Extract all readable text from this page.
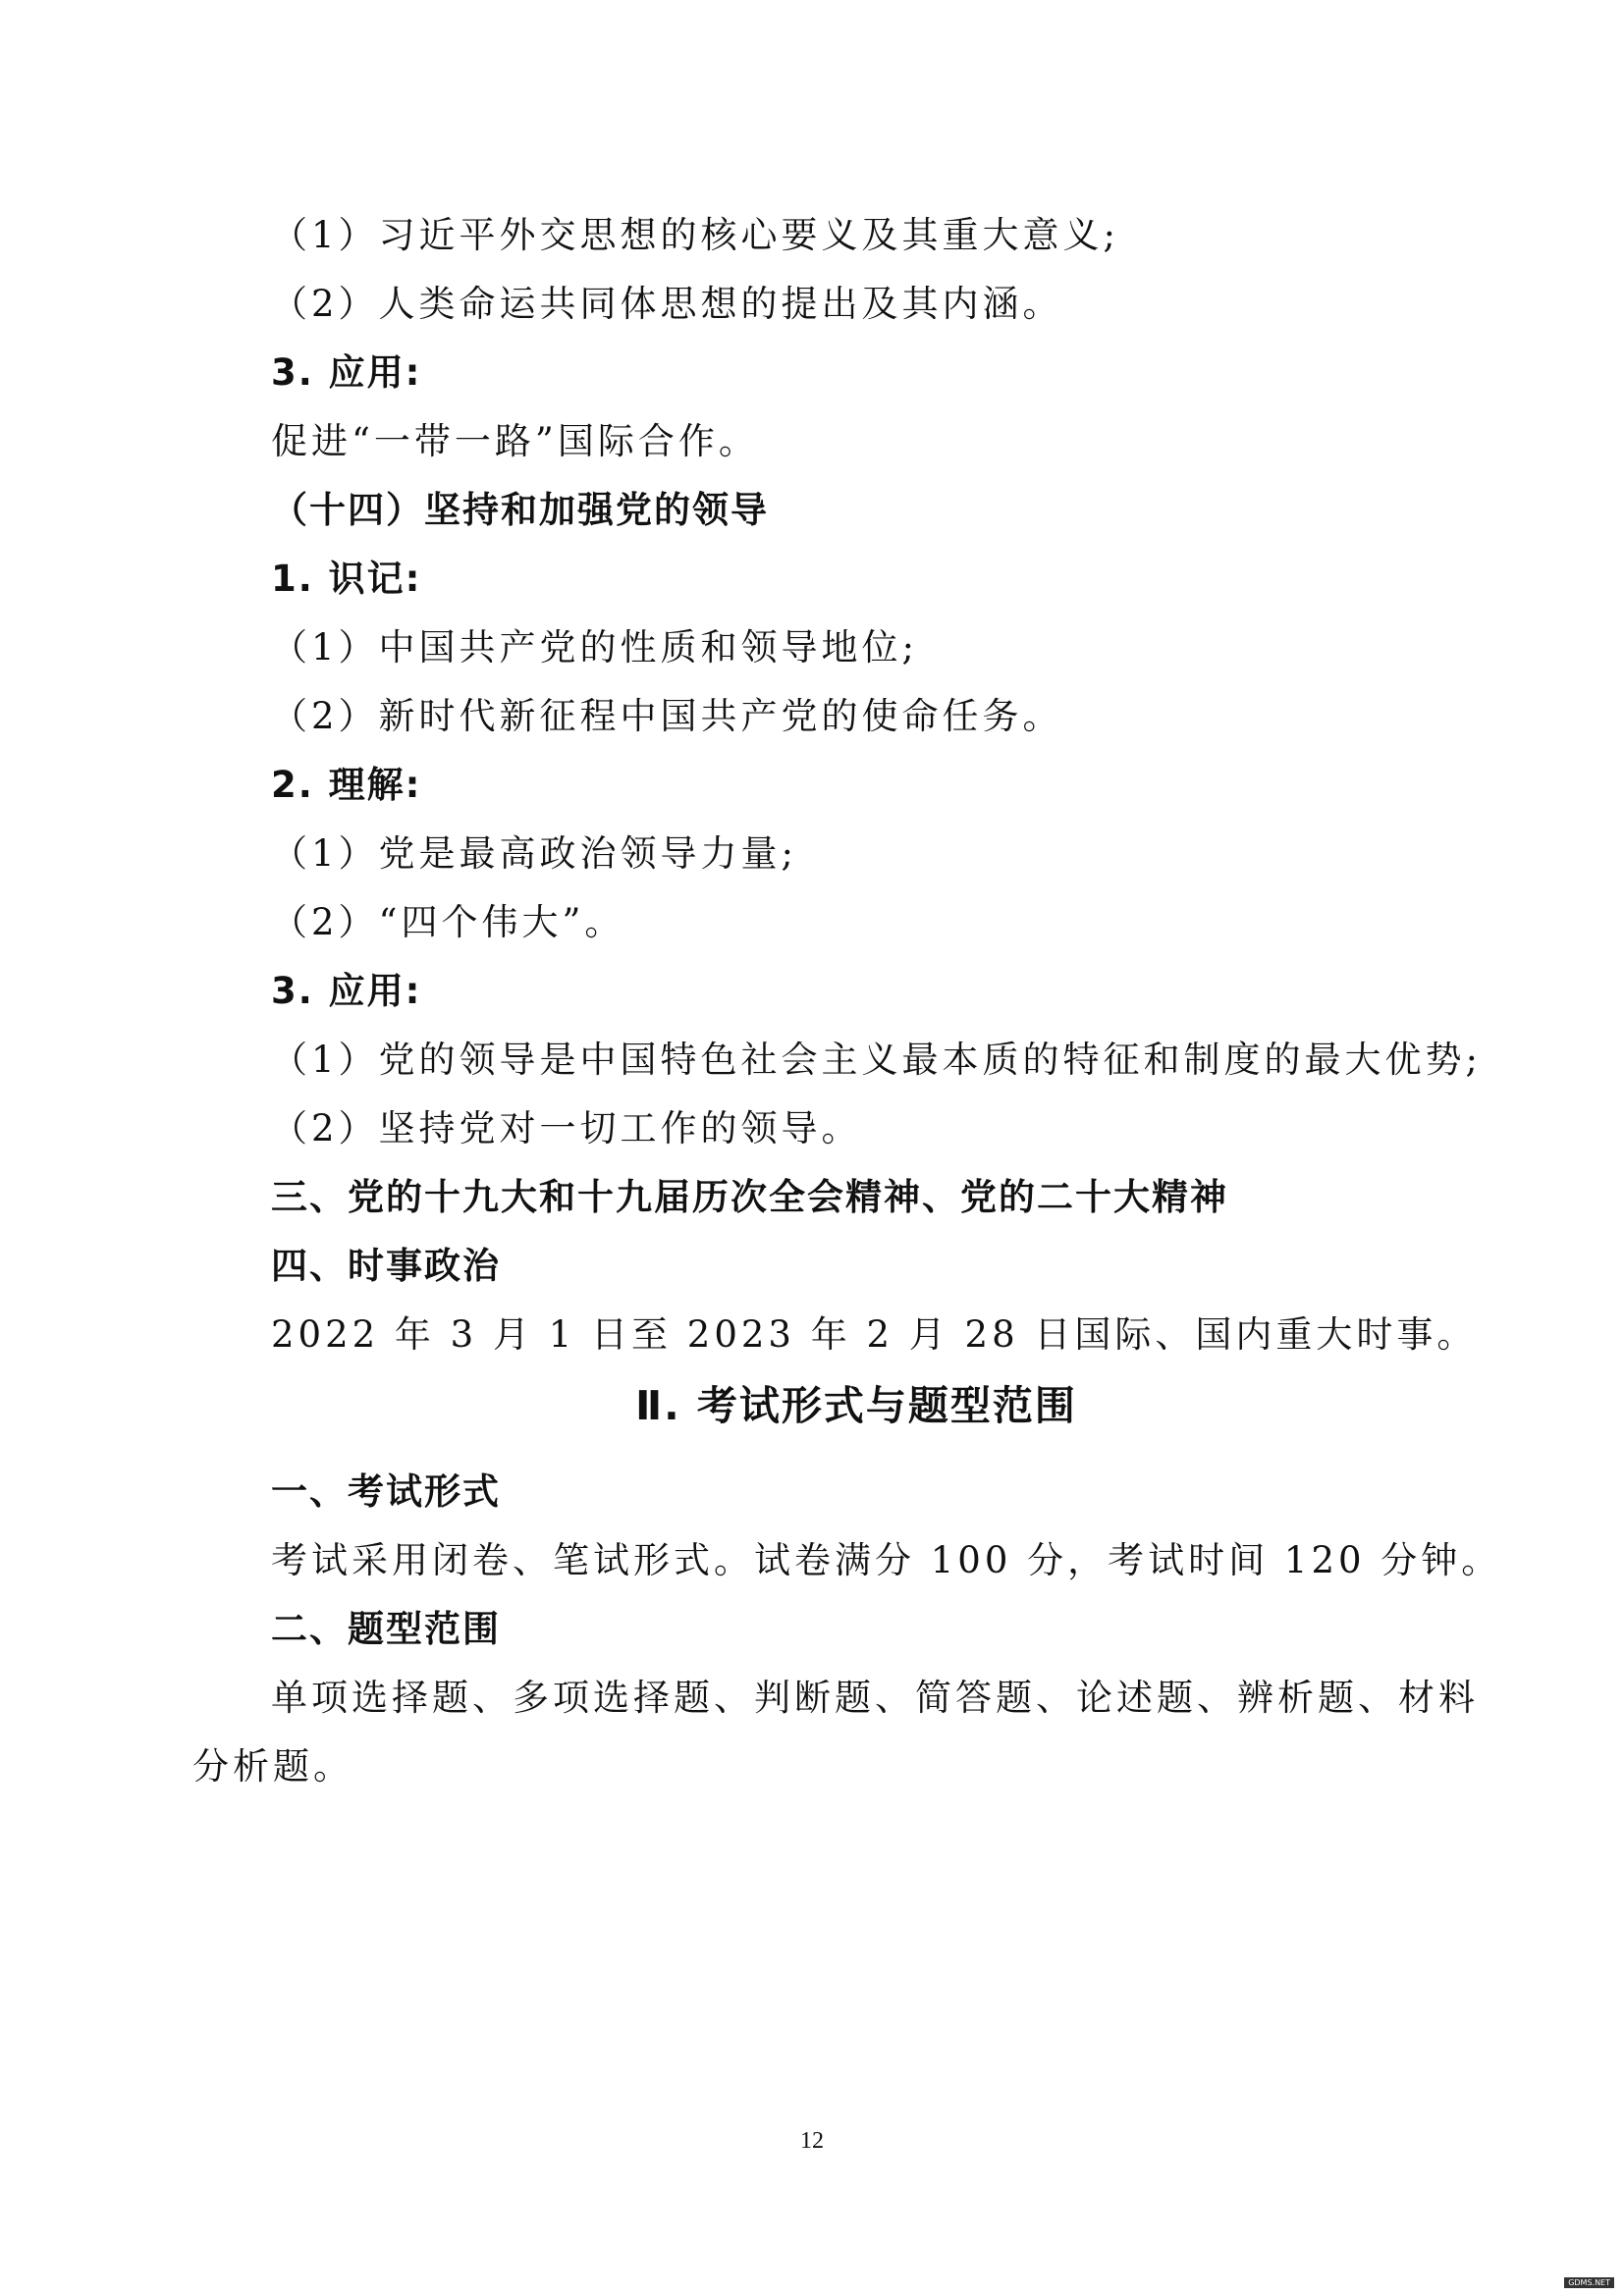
（1）习近平外交思想的核心要义及其重大意义;
（2）人类命运共同体思想的提出及其内涵。
3. 应用:
促进“一带一路”国际合作。
（十四）坚持和加强党的领导
1. 识记:
（1）中国共产党的性质和领导地位;
（2）新时代新征程中国共产党的使命任务。
2. 理解:
（1）党是最高政治领导力量;
（2）“四个伟大”。
3. 应用:
（1）党的领导是中国特色社会主义最本质的特征和制度的最大优势;
（2）坚持党对一切工作的领导。
三、党的十九大和十九届历次全会精神、党的二十大精神
四、时事政治
2022 年 3 月 1 日至 2023 年 2 月 28 日国际、国内重大时事。
Ⅱ. 考试形式与题型范围
一、考试形式
考试采用闭卷、笔试形式。试卷满分 100 分，考试时间 120 分钟。
二、题型范围
单项选择题、多项选择题、判断题、简答题、论述题、辨析题、材料
分析题。
12
GDMS.NET
